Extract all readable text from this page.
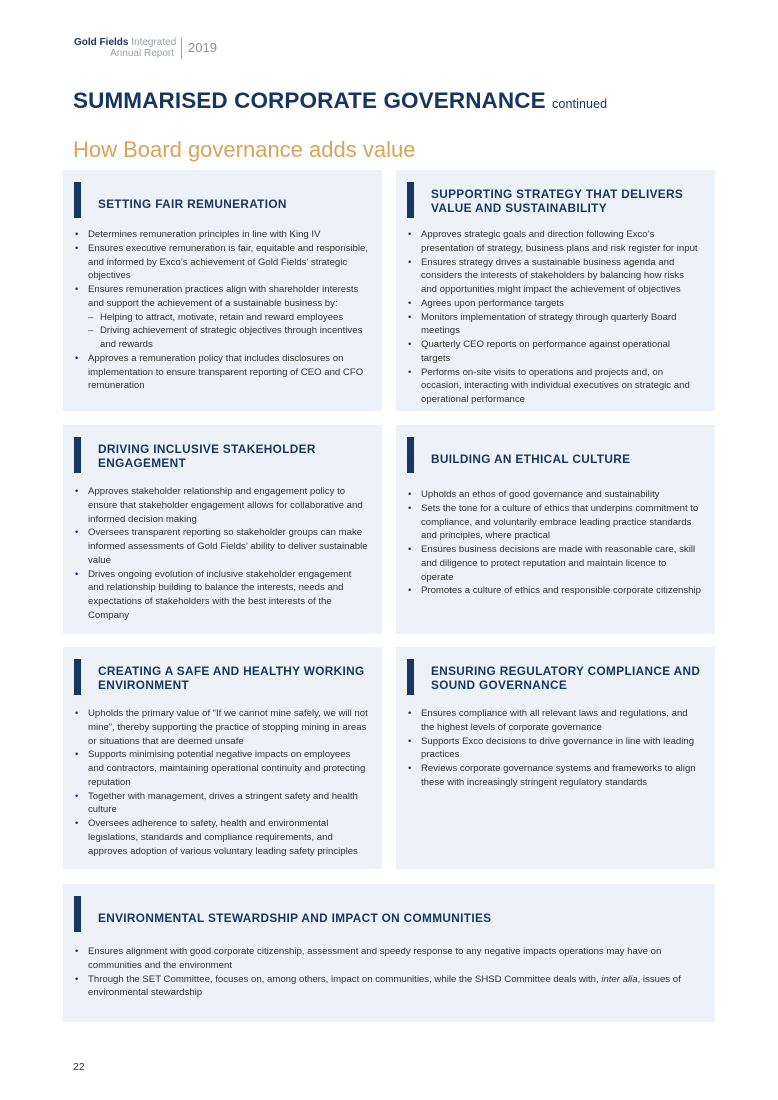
Gold Fields Integrated
Annual Report 2019
SUMMARISED CORPORATE GOVERNANCE continued
How Board governance adds value
SETTING FAIR REMUNERATION
• Determines remuneration principles in line with King IV
• Ensures executive remuneration is fair, equitable and responsible, and informed by Exco’s achievement of Gold Fields’ strategic objectives
• Ensures remuneration practices align with shareholder interests and support the achievement of a sustainable business by:
– Helping to attract, motivate, retain and reward employees
– Driving achievement of strategic objectives through incentives and rewards
• Approves a remuneration policy that includes disclosures on implementation to ensure transparent reporting of CEO and CFO remuneration
SUPPORTING STRATEGY THAT DELIVERS VALUE AND SUSTAINABILITY
• Approves strategic goals and direction following Exco’s presentation of strategy, business plans and risk register for input
• Ensures strategy drives a sustainable business agenda and considers the interests of stakeholders by balancing how risks and opportunities might impact the achievement of objectives
• Agrees upon performance targets
• Monitors implementation of strategy through quarterly Board meetings
• Quarterly CEO reports on performance against operational targets
• Performs on-site visits to operations and projects and, on occasion, interacting with individual executives on strategic and operational performance
DRIVING INCLUSIVE STAKEHOLDER ENGAGEMENT
• Approves stakeholder relationship and engagement policy to ensure that stakeholder engagement allows for collaborative and informed decision making
• Oversees transparent reporting so stakeholder groups can make informed assessments of Gold Fields’ ability to deliver sustainable value
• Drives ongoing evolution of inclusive stakeholder engagement and relationship building to balance the interests, needs and expectations of stakeholders with the best interests of the Company
BUILDING AN ETHICAL CULTURE
• Upholds an ethos of good governance and sustainability
• Sets the tone for a culture of ethics that underpins commitment to compliance, and voluntarily embrace leading practice standards and principles, where practical
• Ensures business decisions are made with reasonable care, skill and diligence to protect reputation and maintain licence to operate
• Promotes a culture of ethics and responsible corporate citizenship
CREATING A SAFE AND HEALTHY WORKING ENVIRONMENT
• Upholds the primary value of “If we cannot mine safely, we will not mine”, thereby supporting the practice of stopping mining in areas or situations that are deemed unsafe
• Supports minimising potential negative impacts on employees and contractors, maintaining operational continuity and protecting reputation
• Together with management, drives a stringent safety and health culture
• Oversees adherence to safety, health and environmental legislations, standards and compliance requirements, and approves adoption of various voluntary leading safety principles
ENSURING REGULATORY COMPLIANCE AND SOUND GOVERNANCE
• Ensures compliance with all relevant laws and regulations, and the highest levels of corporate governance
• Supports Exco decisions to drive governance in line with leading practices
• Reviews corporate governance systems and frameworks to align these with increasingly stringent regulatory standards
ENVIRONMENTAL STEWARDSHIP AND IMPACT ON COMMUNITIES
• Ensures alignment with good corporate citizenship, assessment and speedy response to any negative impacts operations may have on communities and the environment
• Through the SET Committee, focuses on, among others, impact on communities, while the SHSD Committee deals with, inter alia, issues of environmental stewardship
22
